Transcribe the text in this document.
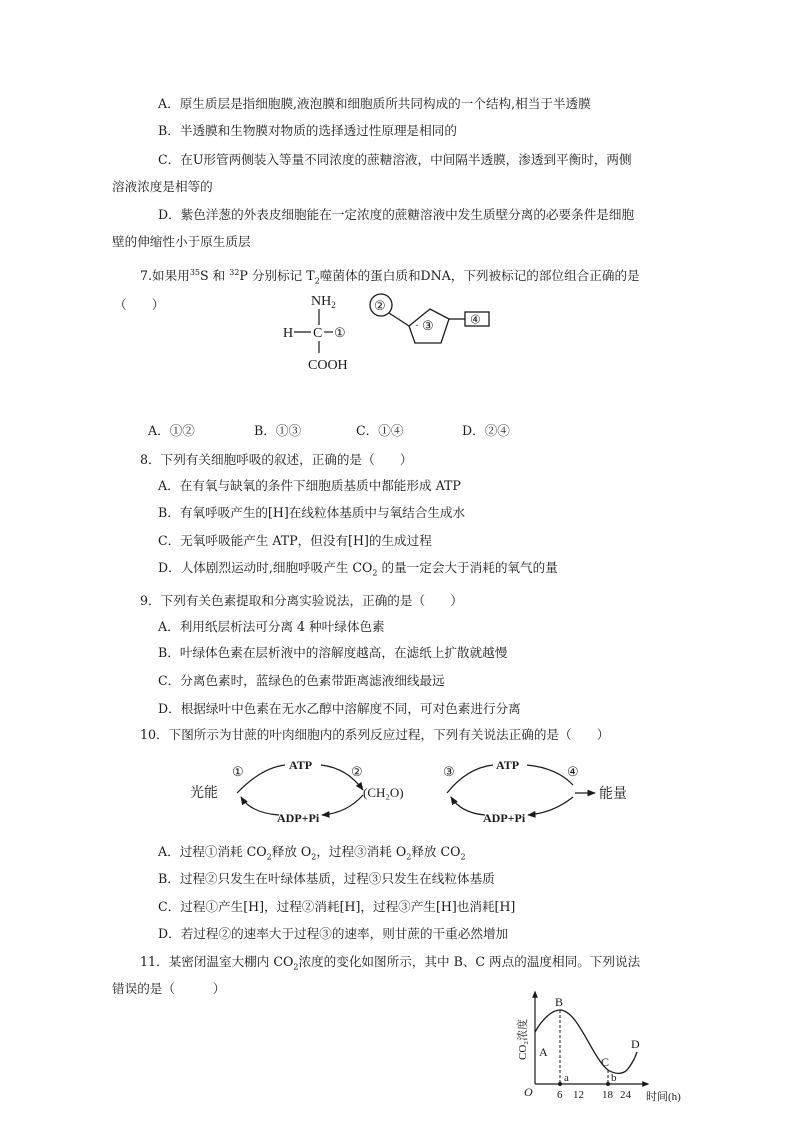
A．原生质层是指细胞膜,液泡膜和细胞质所共同构成的一个结构,相当于半透膜
B．半透膜和生物膜对物质的选择透过性原理是相同的
C．在U形管两侧装入等量不同浓度的蔗糖溶液，中间隔半透膜，渗透到平衡时，两侧
溶液浓度是相等的
D．紫色洋葱的外表皮细胞能在一定浓度的蔗糖溶液中发生质壁分离的必要条件是细胞
壁的伸缩性小于原生质层
7.如果用$^{35}$S 和 $^{32}$P 分别标记 $T_2$噬菌体的蛋白质和DNA，下列被标记的部位组合正确的是
（　　）	$NH_2$
H C ①
COOH
②
· ③	④
A．①②	B．①③	C．①④	D．②④
8．下列有关细胞呼吸的叙述，正确的是（　　）
A．在有氧与缺氧的条件下细胞质基质中都能形成 ATP
B．有氧呼吸产生的[H]在线粒体基质中与氧结合生成水
C．无氧呼吸能产生 ATP，但没有[H]的生成过程
D．人体剧烈运动时,细胞呼吸产生 $CO_2$ 的量一定会大于消耗的氧气的量
9．下列有关色素提取和分离实验说法，正确的是（　　）
A．利用纸层析法可分离 4 种叶绿体色素
B．叶绿体色素在层析液中的溶解度越高，在滤纸上扩散就越慢
C．分离色素时，蓝绿色的色素带距离滤液细线最远
D．根据绿叶中色素在无水乙醇中溶解度不同，可对色素进行分离
10．下图所示为甘蔗的叶肉细胞内的系列反应过程，下列有关说法正确的是（　　）
光能
①	ATP	②
ADP+Pi
(CH₂O)
③	ATP	④
ADP+Pi
能量
A．过程①消耗 $CO_2$释放 $O_2$，过程③消耗 $O_2$释放 $CO_2$
B．过程②只发生在叶绿体基质，过程③只发生在线粒体基质
C．过程①产生[H]，过程②消耗[H]，过程③产生[H]也消耗[H]
D．若过程②的速率大于过程③的速率，则甘蔗的干重必然增加
11．某密闭温室大棚内 $CO_2$浓度的变化如图所示，其中 B、C 两点的温度相同。下列说法
错误的是（　　　）
CO₂浓度
时间(h)
O
B
A
C
D
a	b
6 12 18 24
